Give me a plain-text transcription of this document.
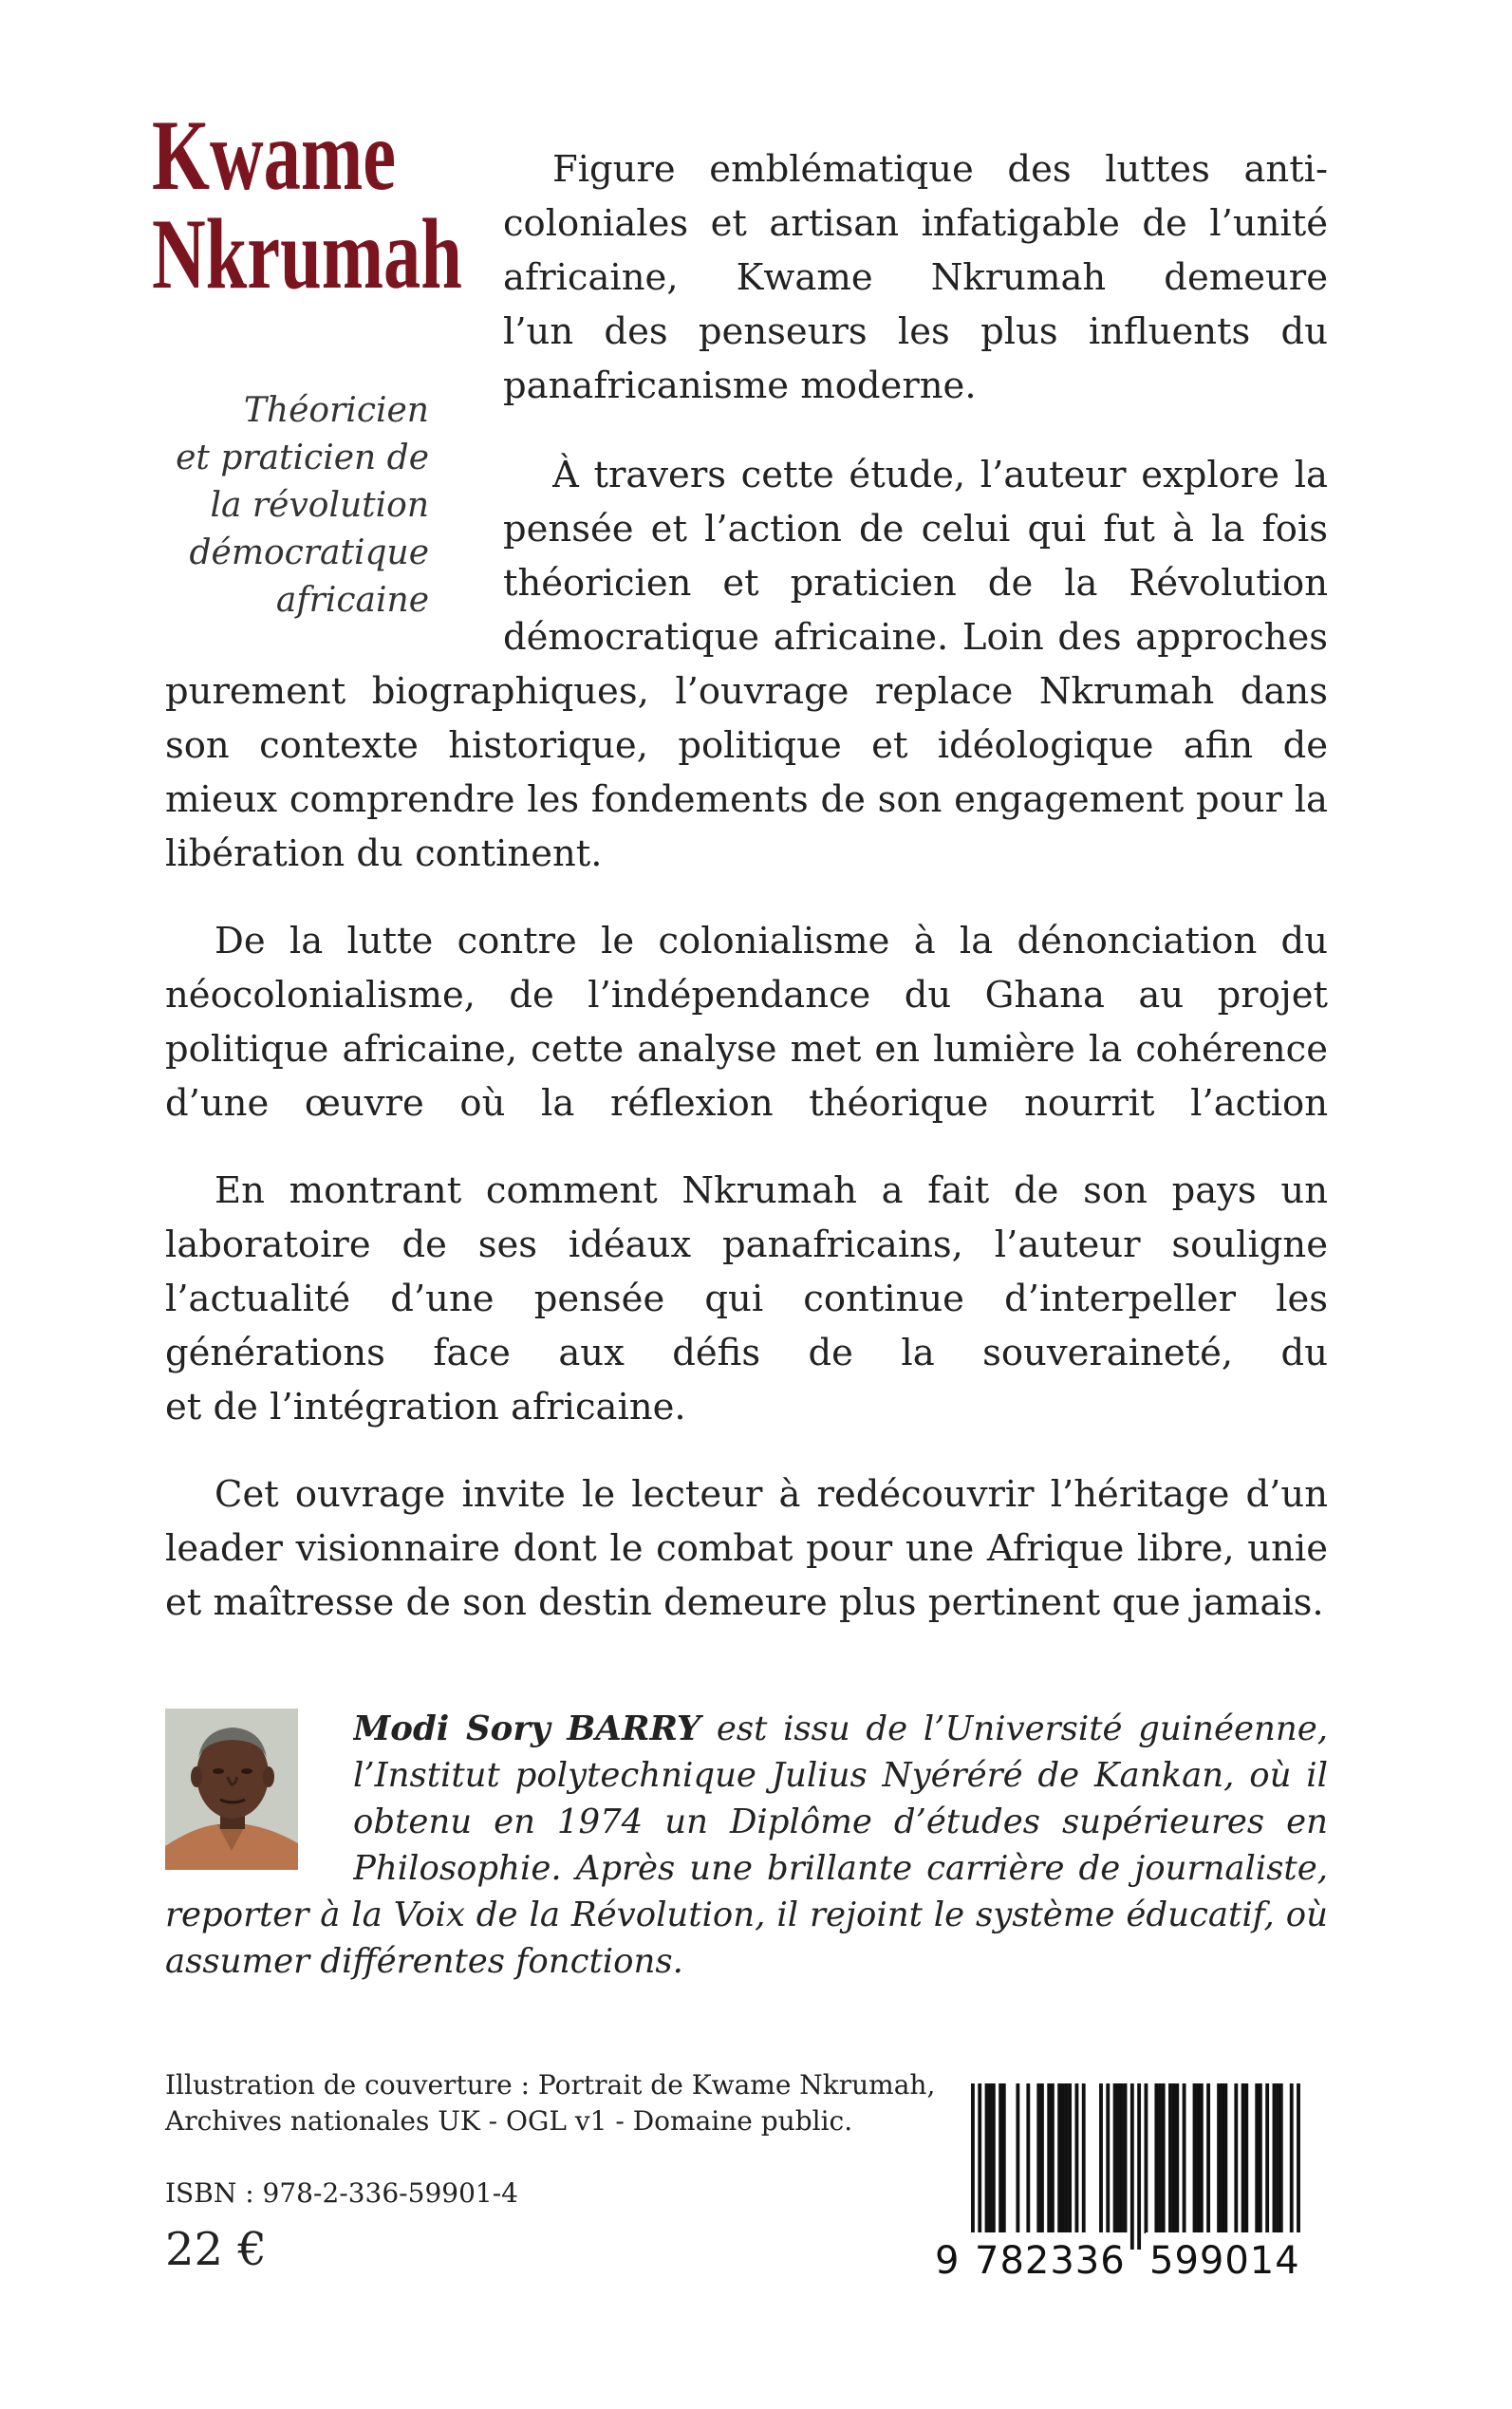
Kwame
Nkrumah
Théoricien
et praticien de
la révolution
démocratique
africaine
Figure emblématique des luttes anti-
coloniales et artisan infatigable de l’unité
africaine, Kwame Nkrumah demeure
l’un des penseurs les plus influents du
panafricanisme moderne.
À travers cette étude, l’auteur explore la
pensée et l’action de celui qui fut à la fois
théoricien et praticien de la Révolution
démocratique africaine. Loin des approches
purement biographiques, l’ouvrage replace Nkrumah dans
son contexte historique, politique et idéologique afin de
mieux comprendre les fondements de son engagement pour la
libération du continent.
De la lutte contre le colonialisme à la dénonciation du
néocolonialisme, de l’indépendance du Ghana au projet
politique africaine, cette analyse met en lumière la cohérence
d’une œuvre où la réflexion théorique nourrit l’action
En montrant comment Nkrumah a fait de son pays un
laboratoire de ses idéaux panafricains, l’auteur souligne
l’actualité d’une pensée qui continue d’interpeller les
générations face aux défis de la souveraineté, du
et de l’intégration africaine.
Cet ouvrage invite le lecteur à redécouvrir l’héritage d’un
leader visionnaire dont le combat pour une Afrique libre, unie
et maîtresse de son destin demeure plus pertinent que jamais.
Modi Sory BARRY est issu de l’Université guinéenne,
l’Institut polytechnique Julius Nyéréré de Kankan, où il
obtenu en 1974 un Diplôme d’études supérieures en
Philosophie. Après une brillante carrière de journaliste,
reporter à la Voix de la Révolution, il rejoint le système éducatif, où
assumer différentes fonctions.
Illustration de couverture : Portrait de Kwame Nkrumah,
Archives nationales UK - OGL v1 - Domaine public.
ISBN : 978-2-336-59901-4
22 €	9 782336 599014
